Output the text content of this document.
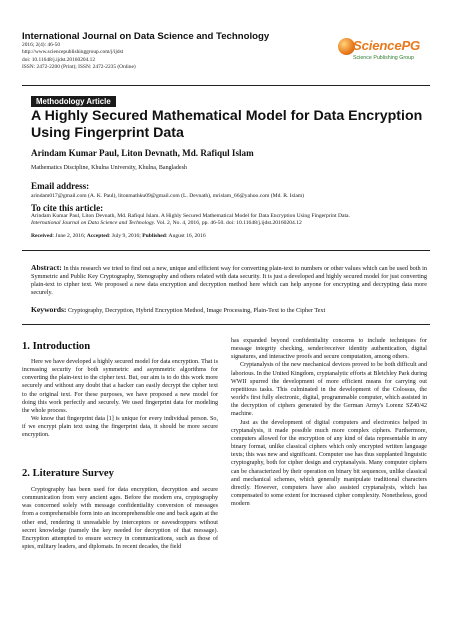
International Journal on Data Science and Technology
2016; 2(4): 46-50
http://www.sciencepublishinggroup.com/j/ijdst
doi: 10.11648/j.ijdst.20160204.12
ISSN: 2472-2200 (Print); ISSN: 2472-2235 (Online)
SciencePG
Science Publishing Group
Methodology Article
A Highly Secured Mathematical Model for Data Encryption Using Fingerprint Data
Arindam Kumar Paul, Liton Devnath, Md. Rafiqul Islam
Mathematics Discipline, Khulna University, Khulna, Bangladesh
Email address:
arindam017@gmail.com (A. K. Paul), litonmathku09@gmail.com (L. Devnath), mrislam_66@yahoo.com (Md. R. Islam)
To cite this article:
Arindam Kumar Paul, Liton Devnath, Md. Rafiqul Islam. A Highly Secured Mathematical Model for Data Encryption Using Fingerprint Data.
International Journal on Data Science and Technology. Vol. 2, No. 4, 2016, pp. 46-50. doi: 10.11648/j.ijdst.20160204.12
Received: June 2, 2016; Accepted: July 9, 2016; Published: August 16, 2016
Abstract: In this research we tried to find out a new, unique and efficient way for converting plain-text to numbers or other values which can be used both in Symmetric and Public Key Cryptography, Stenography and others related with data security. It is just a developed and highly secured model for just converting plain-text to cipher text. We proposed a new data encryption and decryption method here which can help anyone for encrypting and decrypting data more securely.
Keywords: Cryptography, Decryption, Hybrid Encryption Method, Image Processing, Plain-Text to the Cipher Text
1. Introduction

Here we have developed a highly secured model for data encryption. That is increasing security for both symmetric and asymmetric algorithms for converting the plain-text to the cipher text. But, our aim is to do this work more securely and without any doubt that a hacker can easily decrypt the cipher text to the original text. For these purposes, we have proposed a new model for doing this work perfectly and securely. We used fingerprint data for modeling the whole process.

We know that fingerprint data [1] is unique for every individual person. So, if we encrypt plain text using the fingerprint data, it should be more secure encryption.

2. Literature Survey

Cryptography has been used for data encryption, decryption and secure communication from very ancient ages. Before the modern era, cryptography was concerned solely with message confidentiality conversion of messages from a comprehensible form into an incomprehensible one and back again at the other end, rendering it unreadable by interceptors or eavesdroppers without secret knowledge (namely the key needed for decryption of that message). Encryption attempted to ensure secrecy in communications, such as those of spies, military leaders, and diplomats. In recent decades, the field

has expanded beyond confidentiality concerns to include techniques for message integrity checking, sender/receiver identity authentication, digital signatures, and interactive proofs and secure computation, among others.

Cryptanalysis of the new mechanical devices proved to be both difficult and laborious. In the United Kingdom, cryptanalytic efforts at Bletchley Park during WWII spurred the development of more efficient means for carrying out repetitious tasks. This culminated in the development of the Colossus, the world's first fully electronic, digital, programmable computer, which assisted in the decryption of ciphers generated by the German Army's Lorenz SZ40/42 machine.

Just as the development of digital computers and electronics helped in cryptanalysis, it made possible much more complex ciphers. Furthermore, computers allowed for the encryption of any kind of data representable in any binary format, unlike classical ciphers which only encrypted written language texts; this was new and significant. Computer use has thus supplanted linguistic cryptography, both for cipher design and cryptanalysis. Many computer ciphers can be characterized by their operation on binary bit sequences, unlike classical and mechanical schemes, which generally manipulate traditional characters directly. However, computers have also assisted cryptanalysis, which has compensated to some extent for increased cipher complexity. Nonetheless, good modern
